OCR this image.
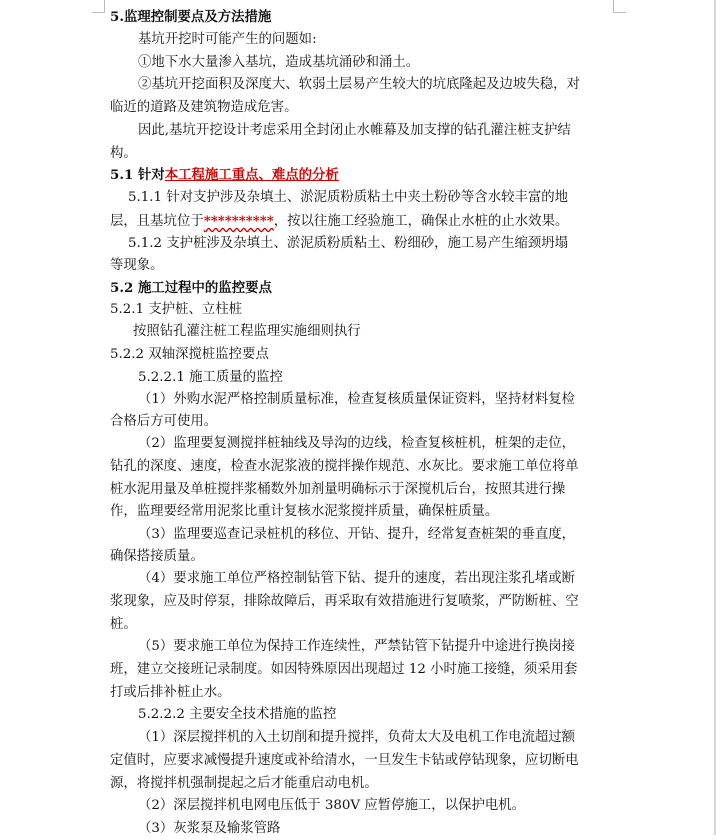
5.监理控制要点及方法措施
基坑开挖时可能产生的问题如:
①地下水大量渗入基坑，造成基坑涌砂和涌土。
②基坑开挖面积及深度大、软弱土层易产生较大的坑底隆起及边坡失稳，对
临近的道路及建筑物造成危害。
因此,基坑开挖设计考虑采用全封闭止水帷幕及加支撑的钻孔灌注桩支护结
构。
5.1 针对本工程施工重点、难点的分析
5.1.1 针对支护涉及杂填土、淤泥质粉质粘土中夹土粉砂等含水较丰富的地
层，且基坑位于**********，按以往施工经验施工，确保止水桩的止水效果。
5.1.2 支护桩涉及杂填土、淤泥质粉质粘土、粉细砂，施工易产生缩颈坍塌
等现象。
5.2 施工过程中的监控要点
5.2.1 支护桩、立柱桩
按照钻孔灌注桩工程监理实施细则执行
5.2.2 双轴深搅桩监控要点
5.2.2.1 施工质量的监控
（1）外购水泥严格控制质量标准，检查复核质量保证资料，坚持材料复检
合格后方可使用。
（2）监理要复测搅拌桩轴线及导沟的边线，检查复核桩机，桩架的走位，
钻孔的深度、速度，检查水泥浆液的搅拌操作规范、水灰比。要求施工单位将单
桩水泥用量及单桩搅拌浆桶数外加剂量明确标示于深搅机后台，按照其进行操
作，监理要经常用泥浆比重计复核水泥浆搅拌质量，确保桩质量。
（3）监理要巡查记录桩机的移位、开钻、提升，经常复查桩架的垂直度，
确保搭接质量。
（4）要求施工单位严格控制钻管下钻、提升的速度，若出现注浆孔堵或断
浆现象，应及时停泵，排除故障后，再采取有效措施进行复喷浆，严防断桩、空
桩。
（5）要求施工单位为保持工作连续性，严禁钻管下钻提升中途进行换岗接
班，建立交接班记录制度。如因特殊原因出现超过 12 小时施工接缝，须采用套
打或后排补桩止水。
5.2.2.2 主要安全技术措施的监控
（1）深层搅拌机的入土切削和提升搅拌，负荷太大及电机工作电流超过额
定值时，应要求减慢提升速度或补给清水，一旦发生卡钻或停钻现象，应切断电
源，将搅拌机强制提起之后才能重启动电机。
（2）深层搅拌机电网电压低于 380V 应暂停施工，以保护电机。
（3）灰浆泵及输浆管路
